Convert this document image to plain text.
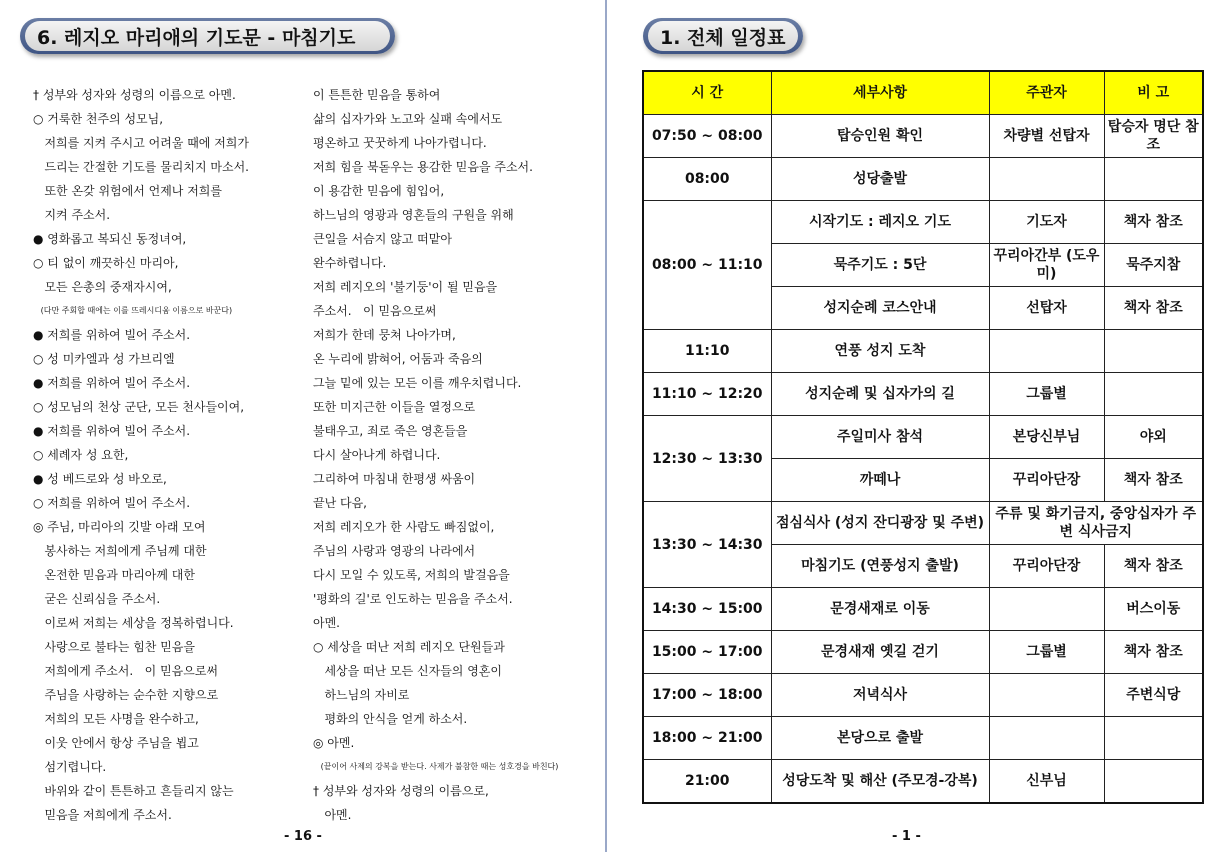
6. 레지오 마리애의 기도문 - 마침기도
† 성부와 성자와 성령의 이름으로 아멘.
○ 거룩한 천주의 성모님,
저희를 지켜 주시고 어려울 때에 저희가
드리는 간절한 기도를 물리치지 마소서.
또한 온갖 위험에서 언제나 저희를
지켜 주소서.
● 영화롭고 복되신 동정녀여,
○ 티 없이 깨끗하신 마리아,
모든 은총의 중재자시여,
(다만 주회합 때에는 이를 뜨레시디움 이름으로 바꾼다)
● 저희를 위하여 빌어 주소서.
○ 성 미카엘과 성 가브리엘
● 저희를 위하여 빌어 주소서.
○ 성모님의 천상 군단, 모든 천사들이여,
● 저희를 위하여 빌어 주소서.
○ 세례자 성 요한,
● 성 베드로와 성 바오로,
○ 저희를 위하여 빌어 주소서.
◎ 주님, 마리아의 깃발 아래 모여
봉사하는 저희에게 주님께 대한
온전한 믿음과 마리아께 대한
굳은 신뢰심을 주소서.
이로써 저희는 세상을 정복하렵니다.
사랑으로 불타는 힘찬 믿음을
저희에게 주소서.   이 믿음으로써
주님을 사랑하는 순수한 지향으로
저희의 모든 사명을 완수하고,
이웃 안에서 항상 주님을 뵙고
섬기렵니다.
바위와 같이 튼튼하고 흔들리지 않는
믿음을 저희에게 주소서.
이 튼튼한 믿음을 통하여
삶의 십자가와 노고와 실패 속에서도
평온하고 꿋꿋하게 나아가렵니다.
저희 힘을 북돋우는 용감한 믿음을 주소서.
이 용감한 믿음에 힘입어,
하느님의 영광과 영혼들의 구원을 위해
큰일을 서슴지 않고 떠맡아
완수하렵니다.
저희 레지오의 '불기둥'이 될 믿음을
주소서.   이 믿음으로써
저희가 한데 뭉쳐 나아가며,
온 누리에 밝혀어, 어둠과 죽음의
그늘 밑에 있는 모든 이를 깨우치렵니다.
또한 미지근한 이들을 열정으로
불태우고, 죄로 죽은 영혼들을
다시 살아나게 하렵니다.
그리하여 마침내 한평생 싸움이
끝난 다음,
저희 레지오가 한 사람도 빠짐없이,
주님의 사랑과 영광의 나라에서
다시 모일 수 있도록, 저희의 발걸음을
'평화의 길'로 인도하는 믿음을 주소서.
아멘.
○ 세상을 떠난 저희 레지오 단원들과
세상을 떠난 모든 신자들의 영혼이
하느님의 자비로
평화의 안식을 얻게 하소서.
◎ 아멘.
(끝이어 사제의 강복을 받는다. 사제가 불참한 때는 성호경을 바친다)
† 성부와 성자와 성령의 이름으로,
아멘.
- 16 -
1. 전체 일정표
시 간	세부사항	주관자	비 고
07:50 ~ 08:00	탑승인원 확인	차량별 선탑자	탑승자 명단 참조
08:00	성당출발		
08:00 ~ 11:10	시작기도 : 레지오 기도	기도자	책자 참조
	묵주기도 : 5단	꾸리아간부 (도우미)	묵주지참
	성지순례 코스안내	선탑자	책자 참조
11:10	연풍 성지 도착		
11:10 ~ 12:20	성지순례 및 십자가의 길	그룹별	
12:30 ~ 13:30	주일미사 참석	본당신부님	야외
	까떼나	꾸리아단장	책자 참조
13:30 ~ 14:30	점심식사 (성지 잔디광장 및 주변)	주류 및 화기금지, 중앙십자가 주변 식사금지	
	마침기도 (연풍성지 출발)	꾸리아단장	책자 참조
14:30 ~ 15:00	문경새재로 이동		버스이동
15:00 ~ 17:00	문경새재 옛길 걷기	그룹별	책자 참조
17:00 ~ 18:00	저녁식사		주변식당
18:00 ~ 21:00	본당으로 출발		
21:00	성당도착 및 해산 (주모경-강복)	신부님	
- 1 -
